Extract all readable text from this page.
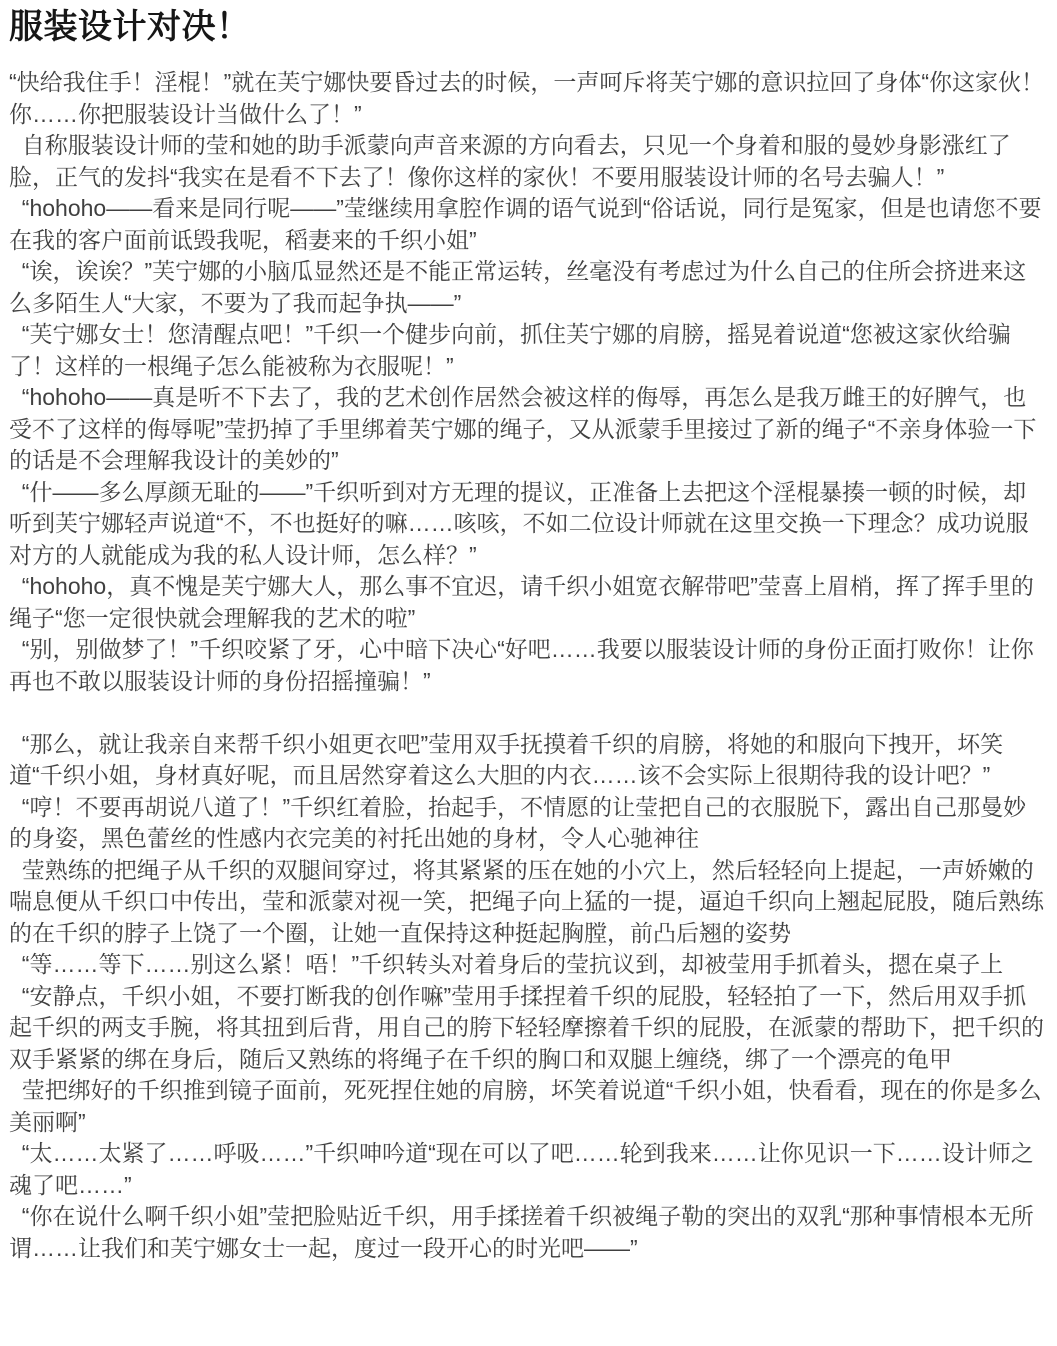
服装设计对决！

“快给我住手！淫棍！”就在芙宁娜快要昏过去的时候，一声呵斥将芙宁娜的意识拉回了身体“你这家伙！你……你把服装设计当做什么了！”

自称服装设计师的莹和她的助手派蒙向声音来源的方向看去，只见一个身着和服的曼妙身影涨红了脸，正气的发抖“我实在是看不下去了！像你这样的家伙！不要用服装设计师的名号去骗人！”

“hohoho——看来是同行呢——”莹继续用拿腔作调的语气说到“俗话说，同行是冤家，但是也请您不要在我的客户面前诋毁我呢，稻妻来的千织小姐”

“诶，诶诶？”芙宁娜的小脑瓜显然还是不能正常运转，丝毫没有考虑过为什么自己的住所会挤进来这么多陌生人“大家，不要为了我而起争执——”

“芙宁娜女士！您清醒点吧！”千织一个健步向前，抓住芙宁娜的肩膀，摇晃着说道“您被这家伙给骗了！这样的一根绳子怎么能被称为衣服呢！”

“hohoho——真是听不下去了，我的艺术创作居然会被这样的侮辱，再怎么是我万雌王的好脾气，也受不了这样的侮辱呢”莹扔掉了手里绑着芙宁娜的绳子，又从派蒙手里接过了新的绳子“不亲身体验一下的话是不会理解我设计的美妙的”

“什——多么厚颜无耻的——”千织听到对方无理的提议，正准备上去把这个淫棍暴揍一顿的时候，却听到芙宁娜轻声说道“不，不也挺好的嘛……咳咳，不如二位设计师就在这里交换一下理念？成功说服对方的人就能成为我的私人设计师，怎么样？”

“hohoho，真不愧是芙宁娜大人，那么事不宜迟，请千织小姐宽衣解带吧”莹喜上眉梢，挥了挥手里的绳子“您一定很快就会理解我的艺术的啦”

“别，别做梦了！”千织咬紧了牙，心中暗下决心“好吧……我要以服装设计师的身份正面打败你！让你再也不敢以服装设计师的身份招摇撞骗！”

“那么，就让我亲自来帮千织小姐更衣吧”莹用双手抚摸着千织的肩膀，将她的和服向下拽开，坏笑道“千织小姐，身材真好呢，而且居然穿着这么大胆的内衣……该不会实际上很期待我的设计吧？”

“哼！不要再胡说八道了！”千织红着脸，抬起手，不情愿的让莹把自己的衣服脱下，露出自己那曼妙的身姿，黑色蕾丝的性感内衣完美的衬托出她的身材，令人心驰神往

莹熟练的把绳子从千织的双腿间穿过，将其紧紧的压在她的小穴上，然后轻轻向上提起，一声娇嫩的喘息便从千织口中传出，莹和派蒙对视一笑，把绳子向上猛的一提，逼迫千织向上翘起屁股，随后熟练的在千织的脖子上饶了一个圈，让她一直保持这种挺起胸膛，前凸后翘的姿势

“等……等下……别这么紧！唔！”千织转头对着身后的莹抗议到，却被莹用手抓着头，摁在桌子上

“安静点，千织小姐，不要打断我的创作嘛”莹用手揉捏着千织的屁股，轻轻拍了一下，然后用双手抓起千织的两支手腕，将其扭到后背，用自己的胯下轻轻摩擦着千织的屁股，在派蒙的帮助下，把千织的双手紧紧的绑在身后，随后又熟练的将绳子在千织的胸口和双腿上缠绕，绑了一个漂亮的龟甲

莹把绑好的千织推到镜子面前，死死捏住她的肩膀，坏笑着说道“千织小姐，快看看，现在的你是多么美丽啊”

“太……太紧了……呼吸……”千织呻吟道“现在可以了吧……轮到我来……让你见识一下……设计师之魂了吧……”

“你在说什么啊千织小姐”莹把脸贴近千织，用手揉搓着千织被绳子勒的突出的双乳“那种事情根本无所谓……让我们和芙宁娜女士一起，度过一段开心的时光吧——”
